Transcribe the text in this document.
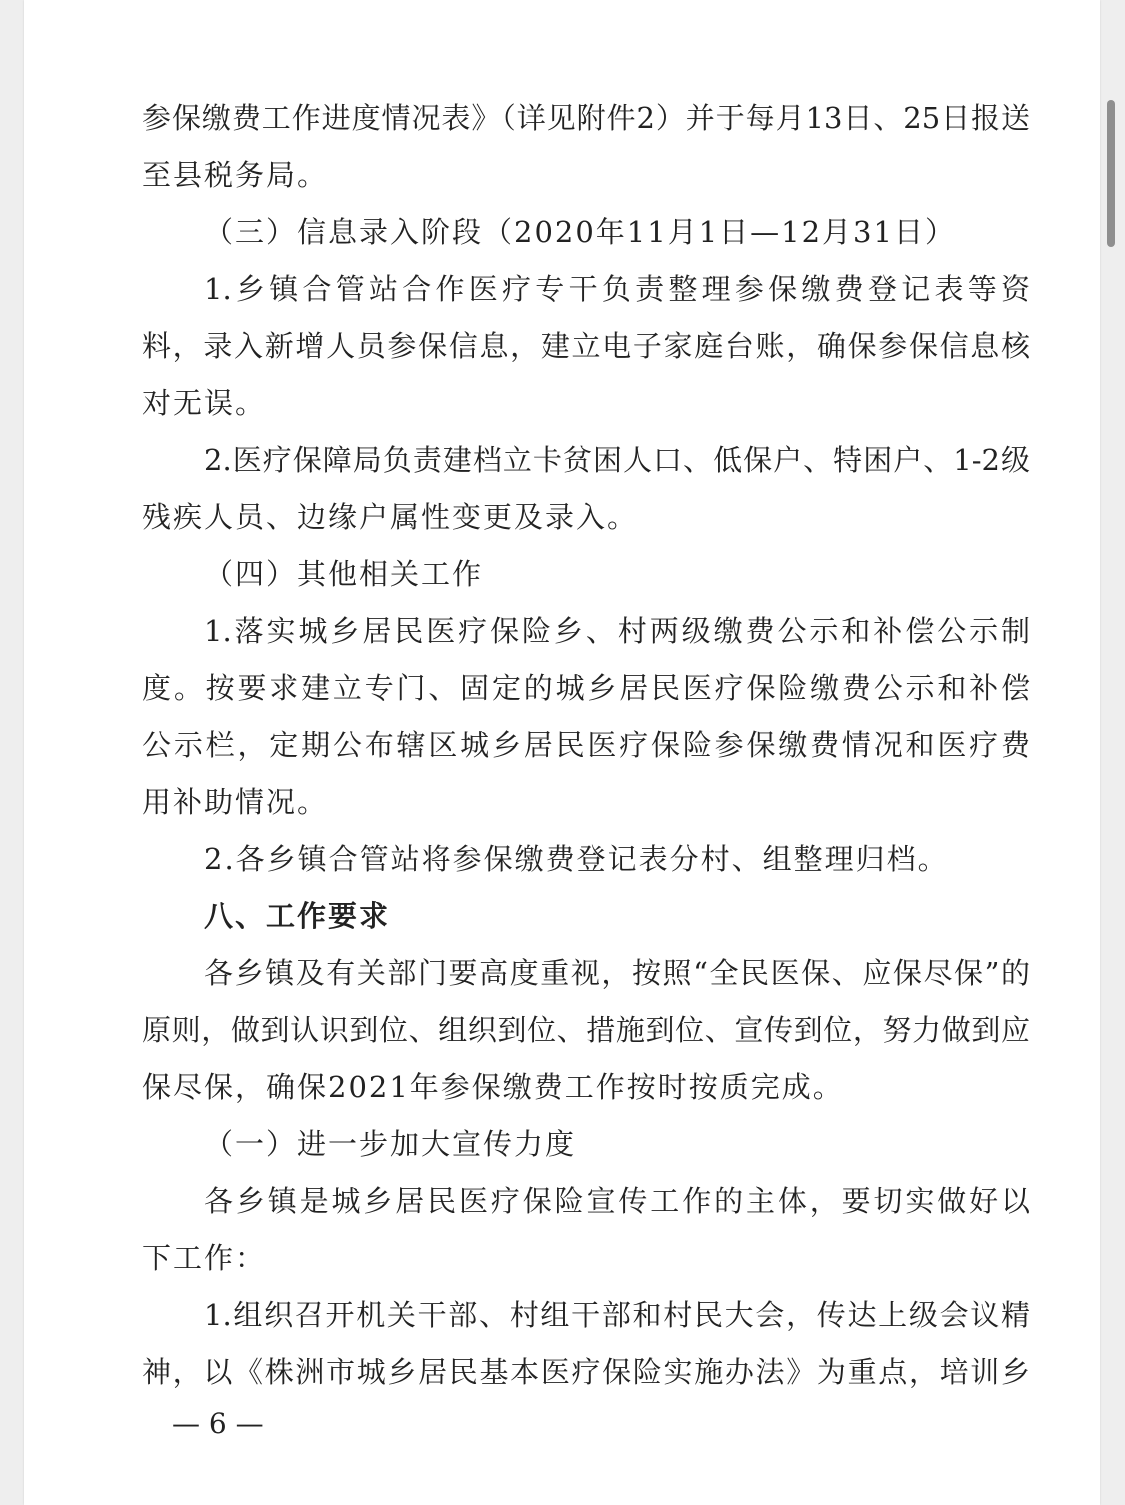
参保缴费工作进度情况表》（详见附件2）并于每月13日、25日报送
至县税务局。
（三）信息录入阶段（2020年11月1日—12月31日）
1.乡镇合管站合作医疗专干负责整理参保缴费登记表等资
料，录入新增人员参保信息，建立电子家庭台账，确保参保信息核
对无误。
2.医疗保障局负责建档立卡贫困人口、低保户、特困户、1-2级
残疾人员、边缘户属性变更及录入。
（四）其他相关工作
1.落实城乡居民医疗保险乡、村两级缴费公示和补偿公示制
度。按要求建立专门、固定的城乡居民医疗保险缴费公示和补偿
公示栏，定期公布辖区城乡居民医疗保险参保缴费情况和医疗费
用补助情况。
2.各乡镇合管站将参保缴费登记表分村、组整理归档。
八、工作要求
各乡镇及有关部门要高度重视，按照“全民医保、应保尽保”的
原则，做到认识到位、组织到位、措施到位、宣传到位，努力做到应
保尽保，确保2021年参保缴费工作按时按质完成。
（一）进一步加大宣传力度
各乡镇是城乡居民医疗保险宣传工作的主体，要切实做好以
下工作：
1.组织召开机关干部、村组干部和村民大会，传达上级会议精
神，以《株洲市城乡居民基本医疗保险实施办法》为重点，培训乡
— 6 —
